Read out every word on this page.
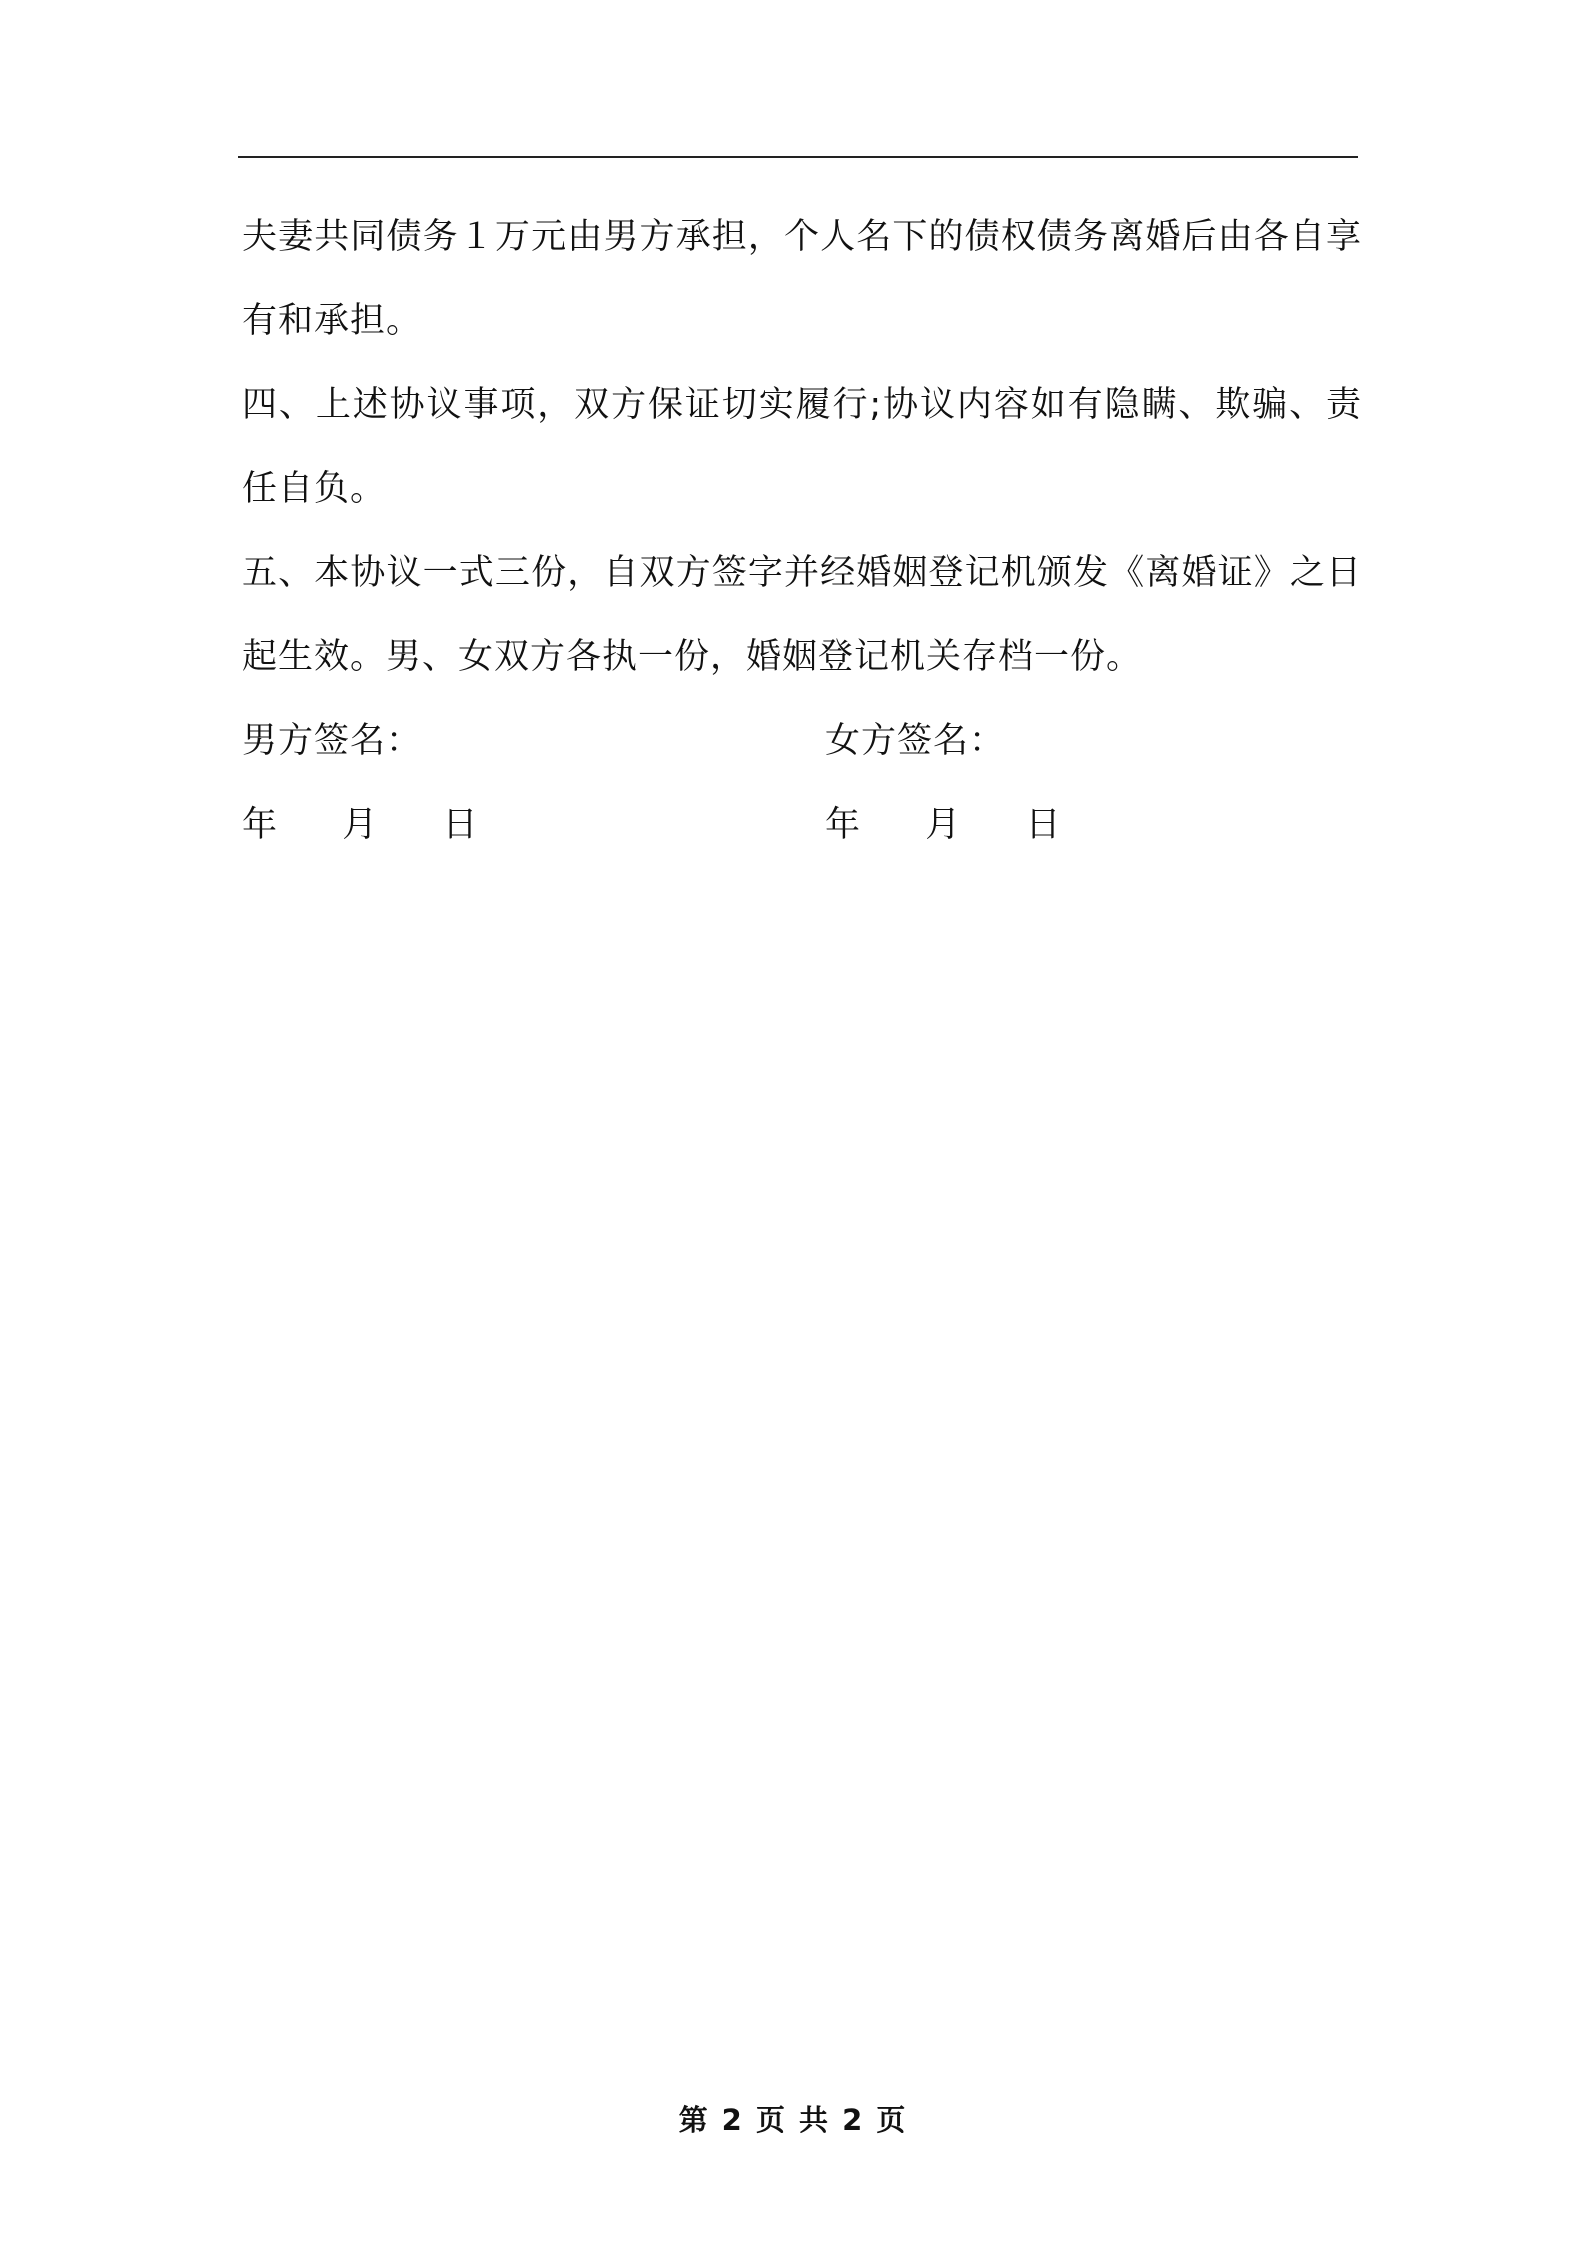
夫妻共同债务１万元由男方承担，个人名下的债权债务离婚后由各自享有和承担。

四、上述协议事项，双方保证切实履行;协议内容如有隐瞒、欺骗、责任自负。

五、本协议一式三份，自双方签字并经婚姻登记机颁发《离婚证》之日起生效。男、女双方各执一份，婚姻登记机关存档一份。

男方签名：	女方签名：
年  月  日	年  月  日
第 2 页 共 2 页
